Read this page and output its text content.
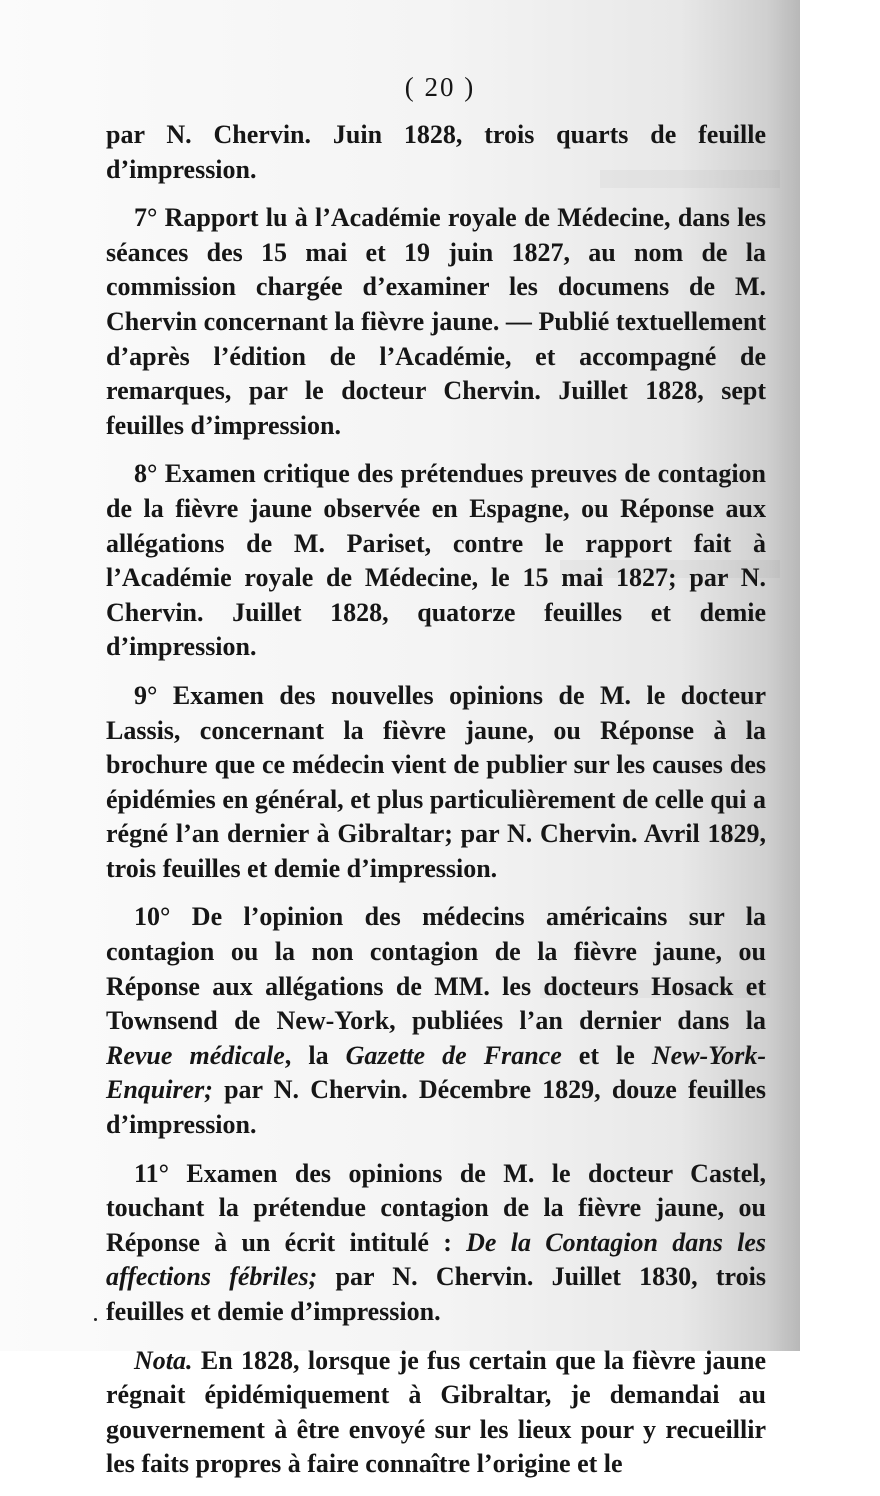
( 20 )

par N. Chervin. Juin 1828, trois quarts de feuille d’impression.

7° Rapport lu à l’Académie royale de Médecine, dans les séances des 15 mai et 19 juin 1827, au nom de la commission chargée d’examiner les documens de M. Chervin concernant la fièvre jaune. — Publié textuellement d’après l’édition de l’Académie, et accompagné de remarques, par le docteur Chervin. Juillet 1828, sept feuilles d’impression.

8° Examen critique des prétendues preuves de contagion de la fièvre jaune observée en Espagne, ou Réponse aux allégations de M. Pariset, contre le rapport fait à l’Académie royale de Médecine, le 15 mai 1827; par N. Chervin. Juillet 1828, quatorze feuilles et demie d’impression.

9° Examen des nouvelles opinions de M. le docteur Lassis, concernant la fièvre jaune, ou Réponse à la brochure que ce médecin vient de publier sur les causes des épidémies en général, et plus particulièrement de celle qui a régné l’an dernier à Gibraltar; par N. Chervin. Avril 1829, trois feuilles et demie d’impression.

10° De l’opinion des médecins américains sur la contagion ou la non contagion de la fièvre jaune, ou Réponse aux allégations de MM. les docteurs Hosack et Townsend de New-York, publiées l’an dernier dans la Revue médicale, la Gazette de France et le New-York-Enquirer; par N. Chervin. Décembre 1829, douze feuilles d’impression.

11° Examen des opinions de M. le docteur Castel, touchant la prétendue contagion de la fièvre jaune, ou Réponse à un écrit intitulé : De la Contagion dans les affections fébriles; par N. Chervin. Juillet 1830, trois feuilles et demie d’impression.

Nota. En 1828, lorsque je fus certain que la fièvre jaune régnait épidémiquement à Gibraltar, je demandai au gouvernement à être envoyé sur les lieux pour y recueillir les faits propres à faire connaître l’origine et le
